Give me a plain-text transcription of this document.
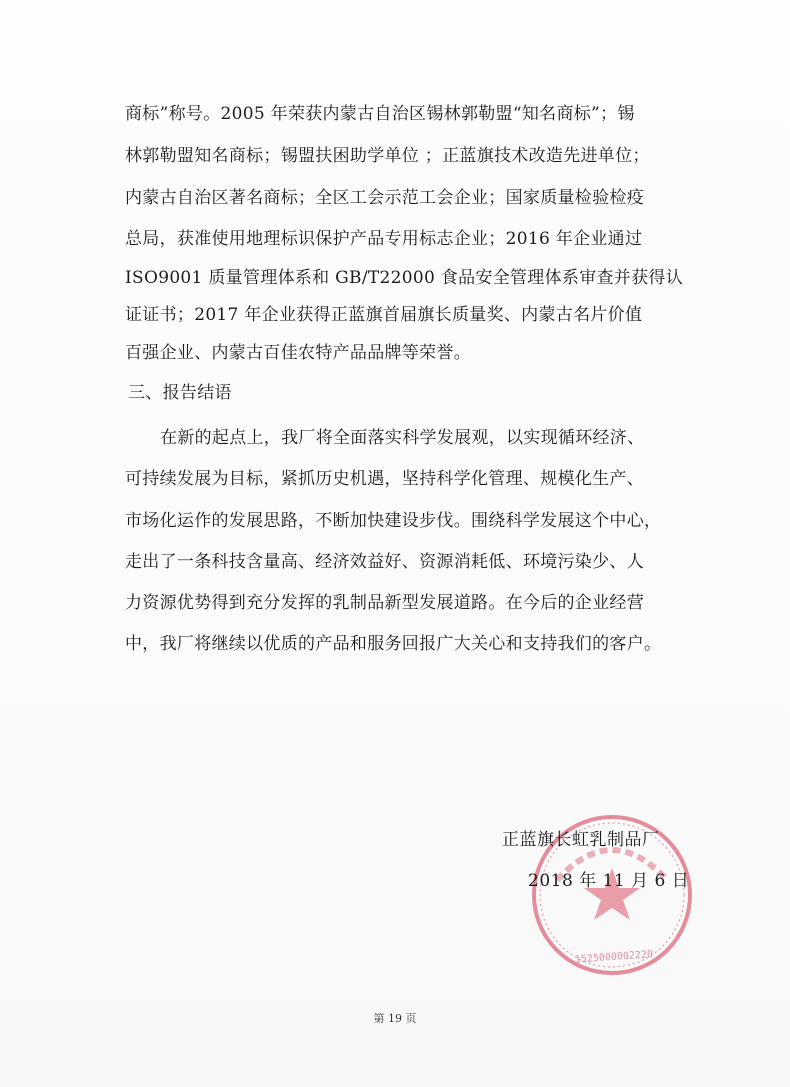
商标”称号。2005 年荣获内蒙古自治区锡林郭勒盟“知名商标”；锡
林郭勒盟知名商标；锡盟扶困助学单位 ；正蓝旗技术改造先进单位；
内蒙古自治区著名商标；全区工会示范工会企业；国家质量检验检疫
总局，获准使用地理标识保护产品专用标志企业；2016 年企业通过
ISO9001 质量管理体系和 GB/T22000 食品安全管理体系审查并获得认
证证书；2017 年企业获得正蓝旗首届旗长质量奖、内蒙古名片价值
百强企业、内蒙古百佳农特产品品牌等荣誉。
三、报告结语
在新的起点上，我厂将全面落实科学发展观，以实现循环经济、
可持续发展为目标，紧抓历史机遇，坚持科学化管理、规模化生产、
市场化运作的发展思路，不断加快建设步伐。围绕科学发展这个中心，
走出了一条科技含量高、经济效益好、资源消耗低、环境污染少、人
力资源优势得到充分发挥的乳制品新型发展道路。在今后的企业经营
中，我厂将继续以优质的产品和服务回报广大关心和支持我们的客户。
1525000002220
正蓝旗长虹乳制品厂
2018 年 11 月 6 日
第 19 页
